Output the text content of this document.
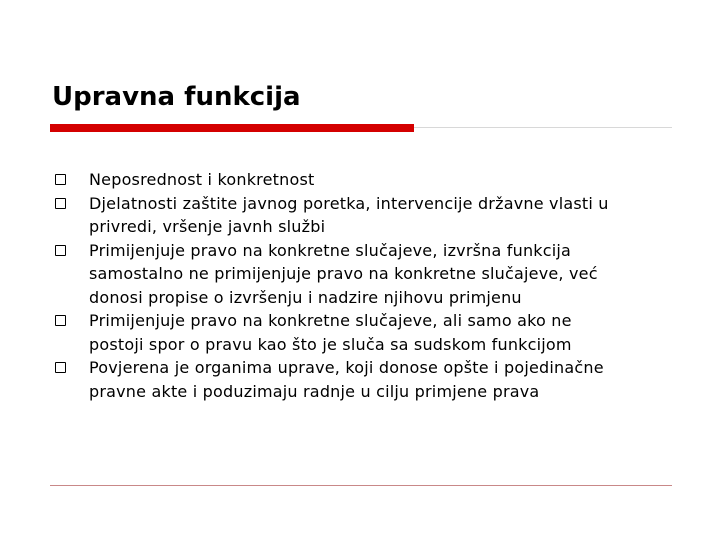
Upravna funkcija
Neposrednost i konkretnost
Djelatnosti zaštite javnog poretka, intervencije državne vlasti u
privredi, vršenje javnh službi
Primijenjuje pravo na konkretne slučajeve, izvršna funkcija
samostalno ne primijenjuje pravo na konkretne slučajeve, već
donosi propise o izvršenju i nadzire njihovu primjenu
Primijenjuje pravo na konkretne slučajeve, ali samo ako ne
postoji spor o pravu kao što je sluča sa sudskom funkcijom
Povjerena je organima uprave, koji donose opšte i pojedinačne
pravne akte i poduzimaju radnje u cilju primjene prava
